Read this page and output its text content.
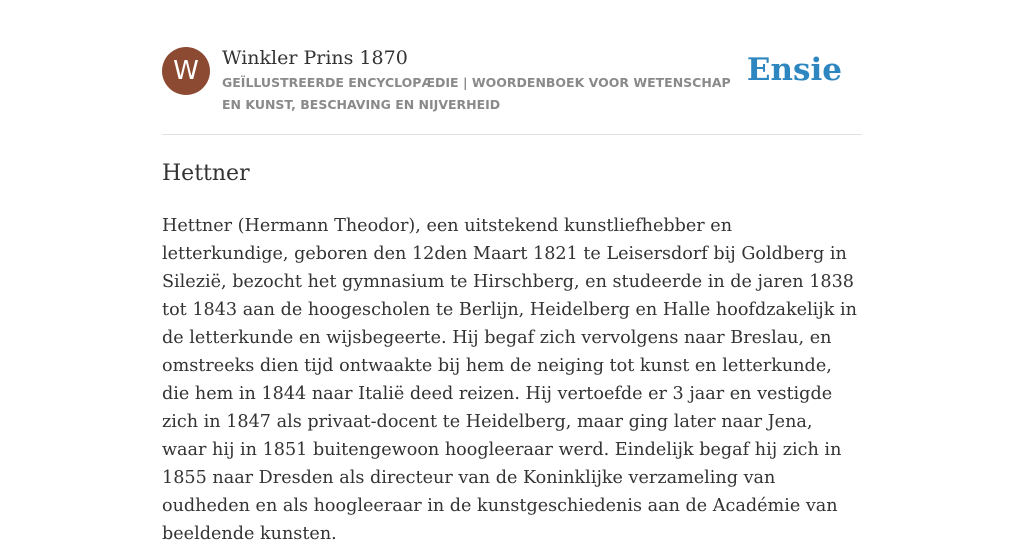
W	Winkler Prins 1870

GEÏLLUSTREERDE ENCYCLOPÆDIE | WOORDENBOEK VOOR WETENSCHAP EN KUNST, BESCHAVING EN NIJVERHEID

Ensie
Hettner

Hettner (Hermann Theodor), een uitstekend kunstliefhebber en letterkundige, geboren den 12den Maart 1821 te Leisersdorf bij Goldberg in Silezië, bezocht het gymnasium te Hirschberg, en studeerde in de jaren 1838 tot 1843 aan de hoogescholen te Berlijn, Heidelberg en Halle hoofdzakelijk in de letterkunde en wijsbegeerte. Hij begaf zich vervolgens naar Breslau, en omstreeks dien tijd ontwaakte bij hem de neiging tot kunst en letterkunde, die hem in 1844 naar Italië deed reizen. Hij vertoefde er 3 jaar en vestigde zich in 1847 als privaat-docent te Heidelberg, maar ging later naar Jena, waar hij in 1851 buitengewoon hoogleeraar werd. Eindelijk begaf hij zich in 1855 naar Dresden als directeur van de Koninklijke verzameling van oudheden en als hoogleeraar in de kunstgeschiedenis aan de Académie van beeldende kunsten.
